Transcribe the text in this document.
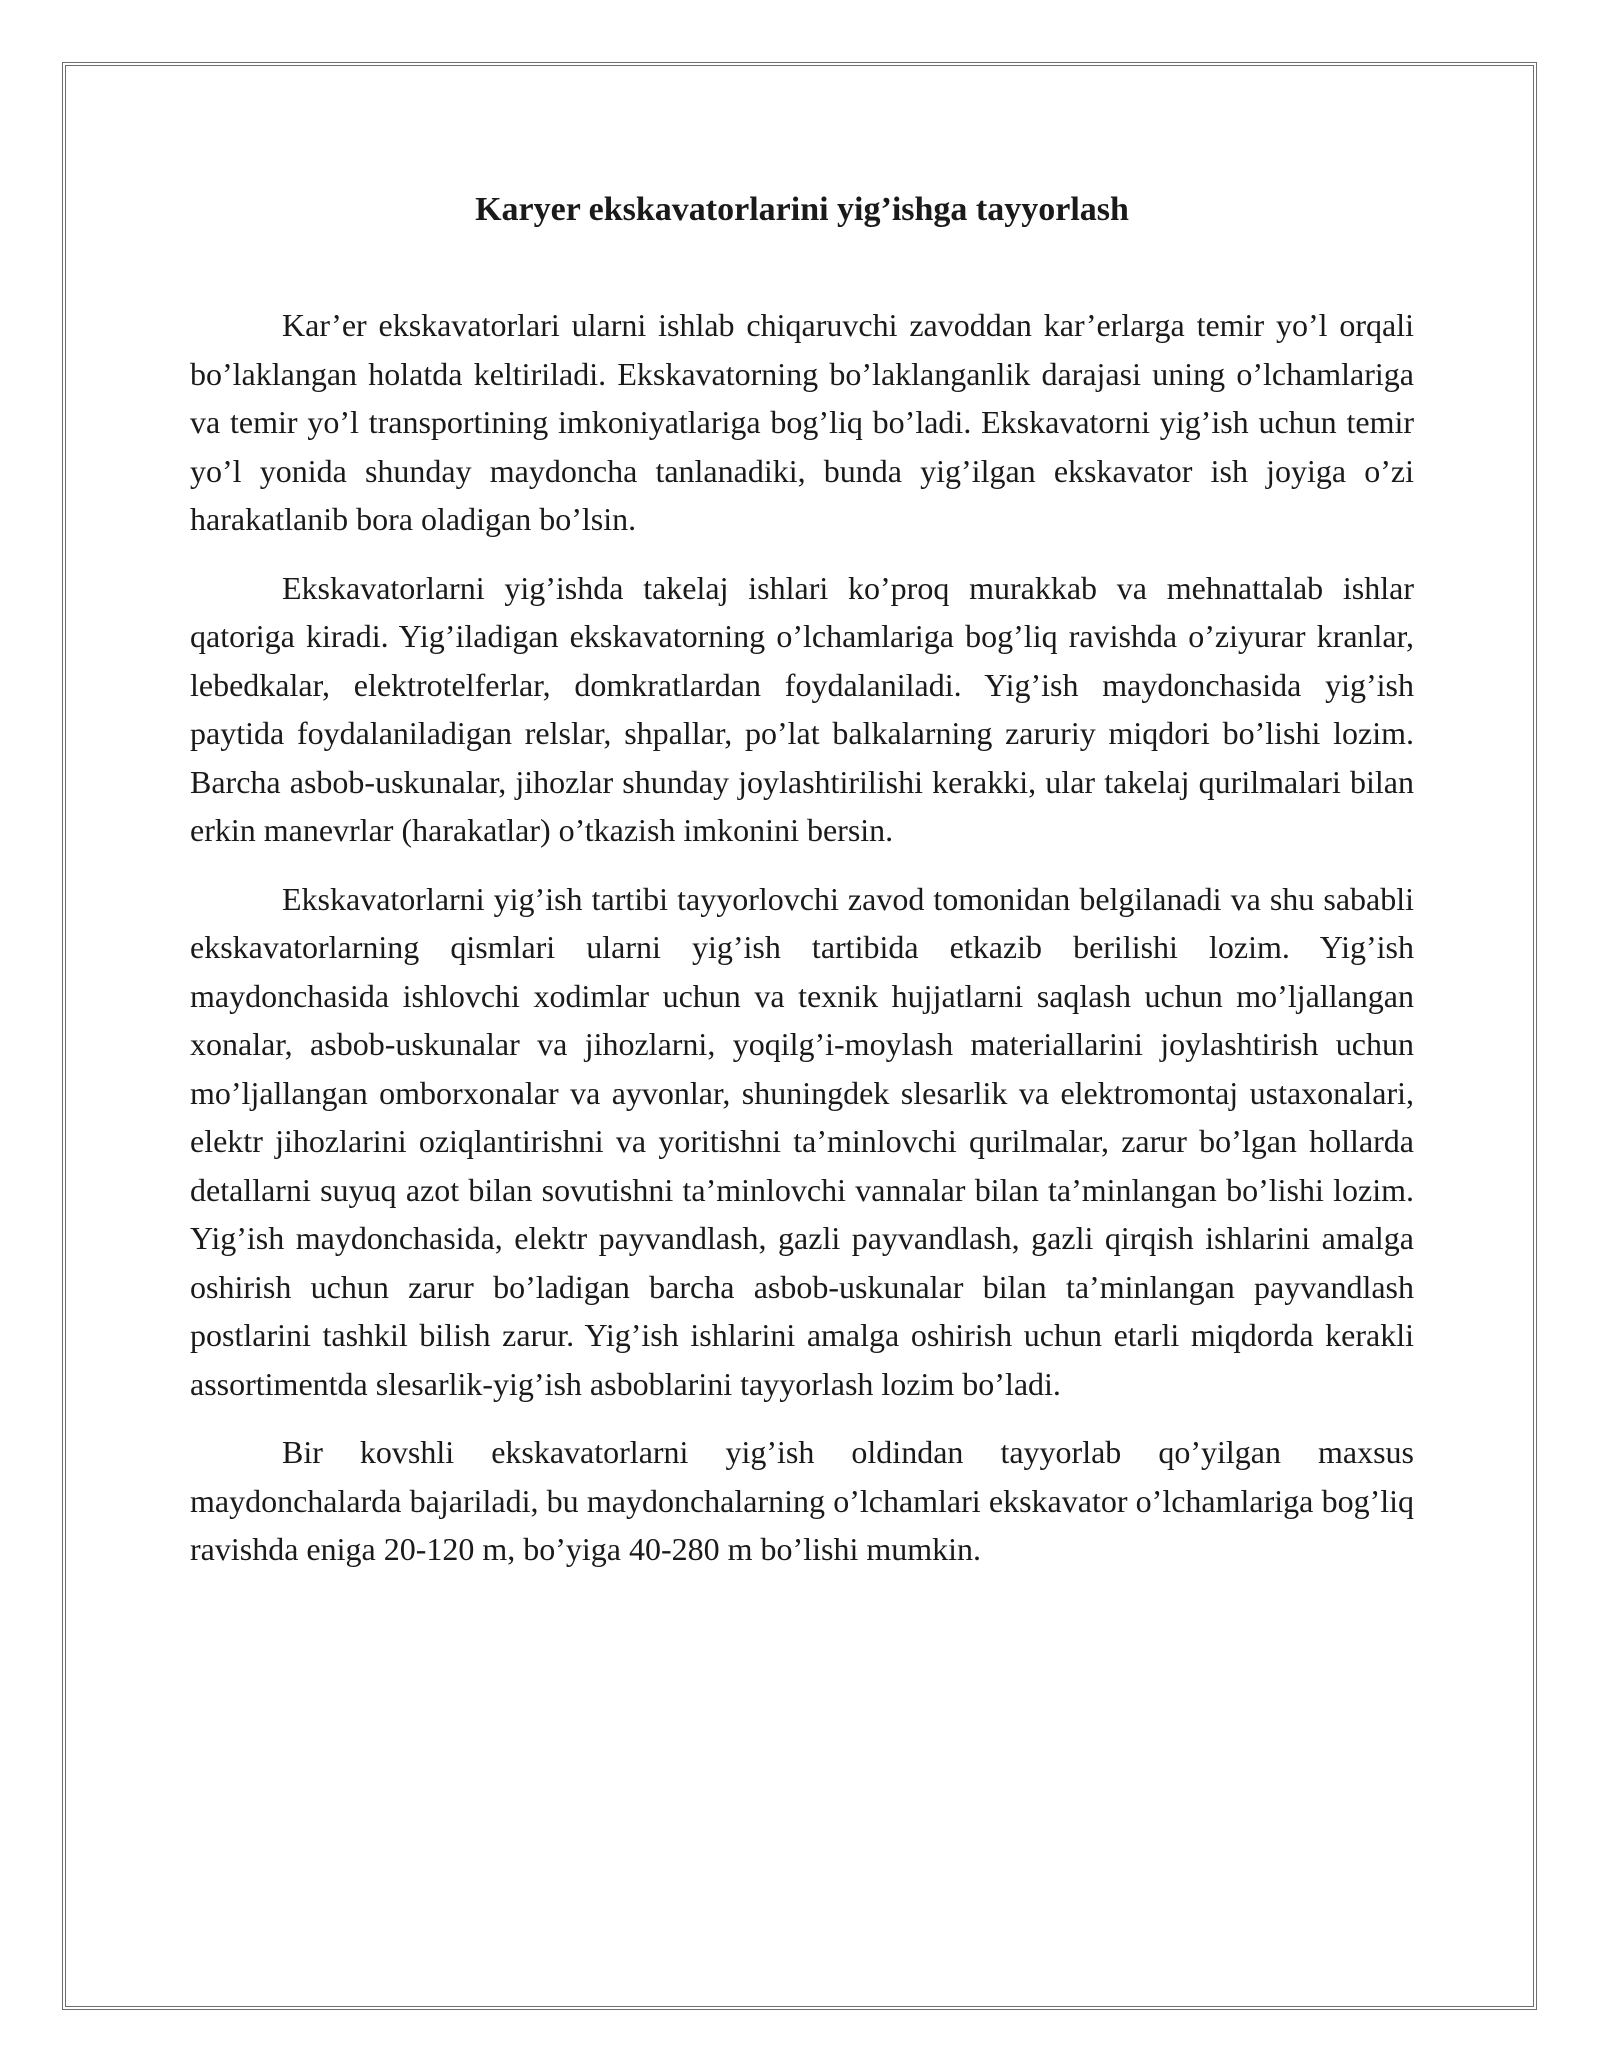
Karyer ekskavatorlarini yig’ishga tayyorlash

Kar’er ekskavatorlari ularni ishlab chiqaruvchi zavoddan kar’erlarga temir yo’l orqali bo’laklangan holatda keltiriladi. Ekskavatorning bo’laklanganlik darajasi uning o’lchamlariga va temir yo’l transportining imkoniyatlariga bog’liq bo’ladi. Ekskavatorni yig’ish uchun temir yo’l yonida shunday maydoncha tanlanadiki, bunda yig’ilgan ekskavator ish joyiga o’zi harakatlanib bora oladigan bo’lsin.

Ekskavatorlarni yig’ishda takelaj ishlari ko’proq murakkab va mehnattalab ishlar qatoriga kiradi. Yig’iladigan ekskavatorning o’lchamlariga bog’liq ravishda o’ziyurar kranlar, lebedkalar, elektrotelferlar, domkratlardan foydalaniladi. Yig’ish maydonchasida yig’ish paytida foydalaniladigan relslar, shpallar, po’lat balkalarning zaruriy miqdori bo’lishi lozim. Barcha asbob-uskunalar, jihozlar shunday joylashtirilishi kerakki, ular takelaj qurilmalari bilan erkin manevrlar (harakatlar) o’tkazish imkonini bersin.

Ekskavatorlarni yig’ish tartibi tayyorlovchi zavod tomonidan belgilanadi va shu sababli ekskavatorlarning qismlari ularni yig’ish tartibida etkazib berilishi lozim. Yig’ish maydonchasida ishlovchi xodimlar uchun va texnik hujjatlarni saqlash uchun mo’ljallangan xonalar, asbob-uskunalar va jihozlarni, yoqilg’i-moylash materiallarini joylashtirish uchun mo’ljallangan omborxonalar va ayvonlar, shuningdek slesarlik va elektromontaj ustaxonalari, elektr jihozlarini oziqlantirishni va yoritishni ta’minlovchi qurilmalar, zarur bo’lgan hollarda detallarni suyuq azot bilan sovutishni ta’minlovchi vannalar bilan ta’minlangan bo’lishi lozim. Yig’ish maydonchasida, elektr payvandlash, gazli payvandlash, gazli qirqish ishlarini amalga oshirish uchun zarur bo’ladigan barcha asbob-uskunalar bilan ta’minlangan payvandlash postlarini tashkil bilish zarur. Yig’ish ishlarini amalga oshirish uchun etarli miqdorda kerakli assortimentda slesarlik-yig’ish asboblarini tayyorlash lozim bo’ladi.

Bir kovshli ekskavatorlarni yig’ish oldindan tayyorlab qo’yilgan maxsus maydonchalarda bajariladi, bu maydonchalarning o’lchamlari ekskavator o’lchamlariga bog’liq ravishda eniga 20-120 m, bo’yiga 40-280 m bo’lishi mumkin.
